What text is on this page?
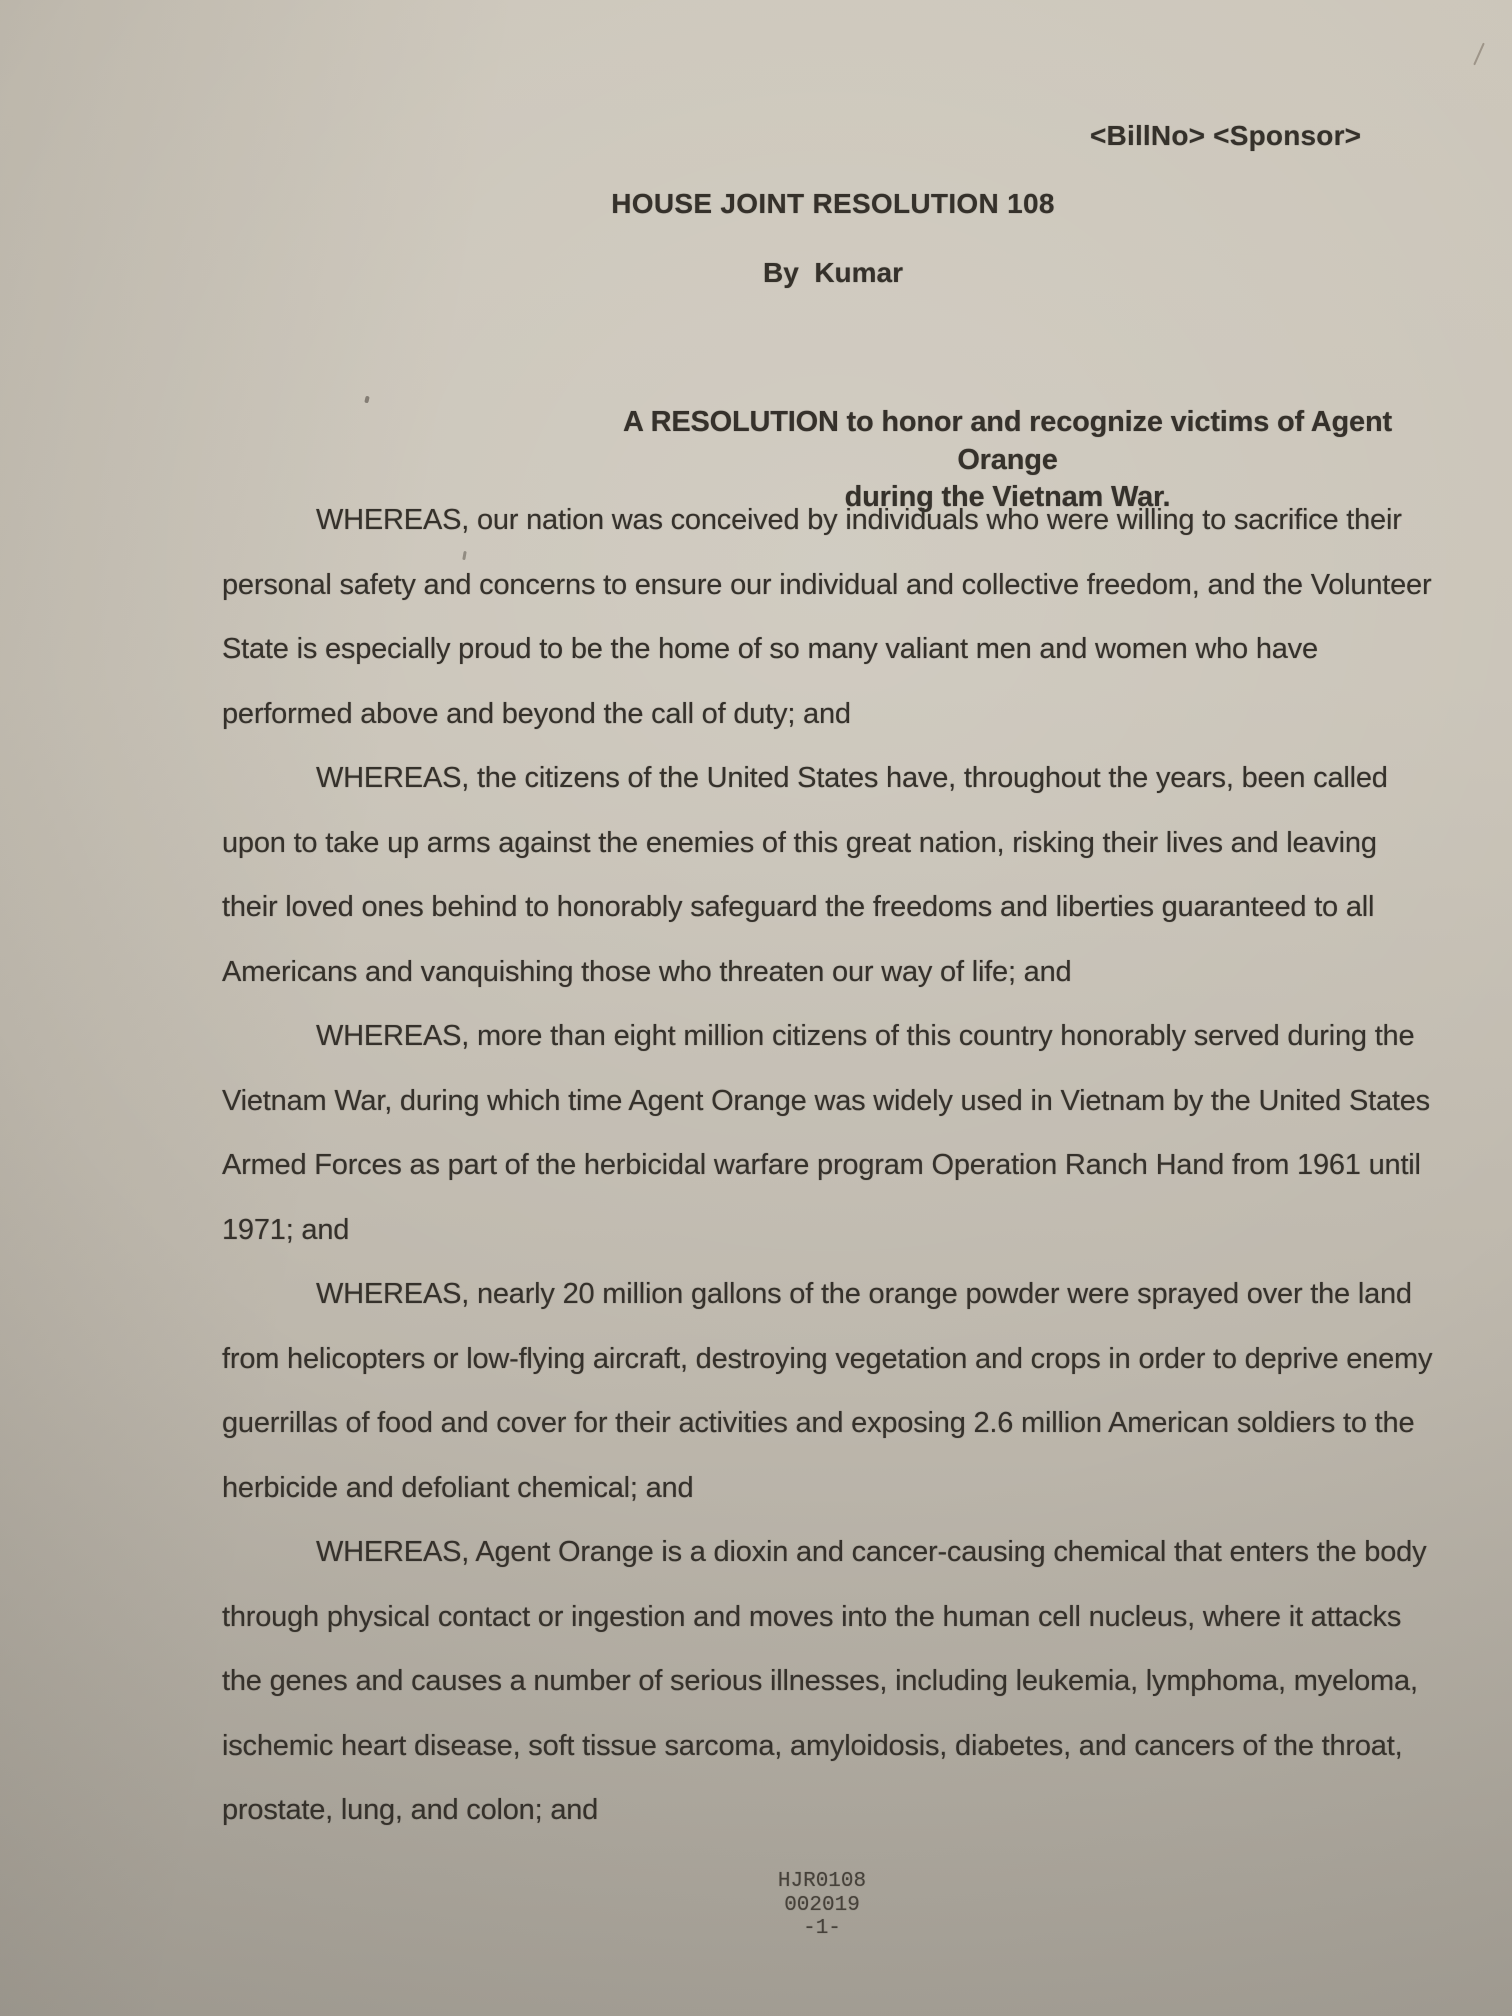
<BillNo> <Sponsor>
HOUSE JOINT RESOLUTION 108
By  Kumar
A RESOLUTION to honor and recognize victims of Agent Orange
during the Vietnam War.

WHEREAS, our nation was conceived by individuals who were willing to sacrifice their personal safety and concerns to ensure our individual and collective freedom, and the Volunteer State is especially proud to be the home of so many valiant men and women who have performed above and beyond the call of duty; and

WHEREAS, the citizens of the United States have, throughout the years, been called upon to take up arms against the enemies of this great nation, risking their lives and leaving their loved ones behind to honorably safeguard the freedoms and liberties guaranteed to all Americans and vanquishing those who threaten our way of life; and

WHEREAS, more than eight million citizens of this country honorably served during the Vietnam War, during which time Agent Orange was widely used in Vietnam by the United States Armed Forces as part of the herbicidal warfare program Operation Ranch Hand from 1961 until 1971; and

WHEREAS, nearly 20 million gallons of the orange powder were sprayed over the land from helicopters or low-flying aircraft, destroying vegetation and crops in order to deprive enemy guerrillas of food and cover for their activities and exposing 2.6 million American soldiers to the herbicide and defoliant chemical; and

WHEREAS, Agent Orange is a dioxin and cancer-causing chemical that enters the body through physical contact or ingestion and moves into the human cell nucleus, where it attacks the genes and causes a number of serious illnesses, including leukemia, lymphoma, myeloma, ischemic heart disease, soft tissue sarcoma, amyloidosis, diabetes, and cancers of the throat, prostate, lung, and colon; and

HJR0108
002019
-1-
